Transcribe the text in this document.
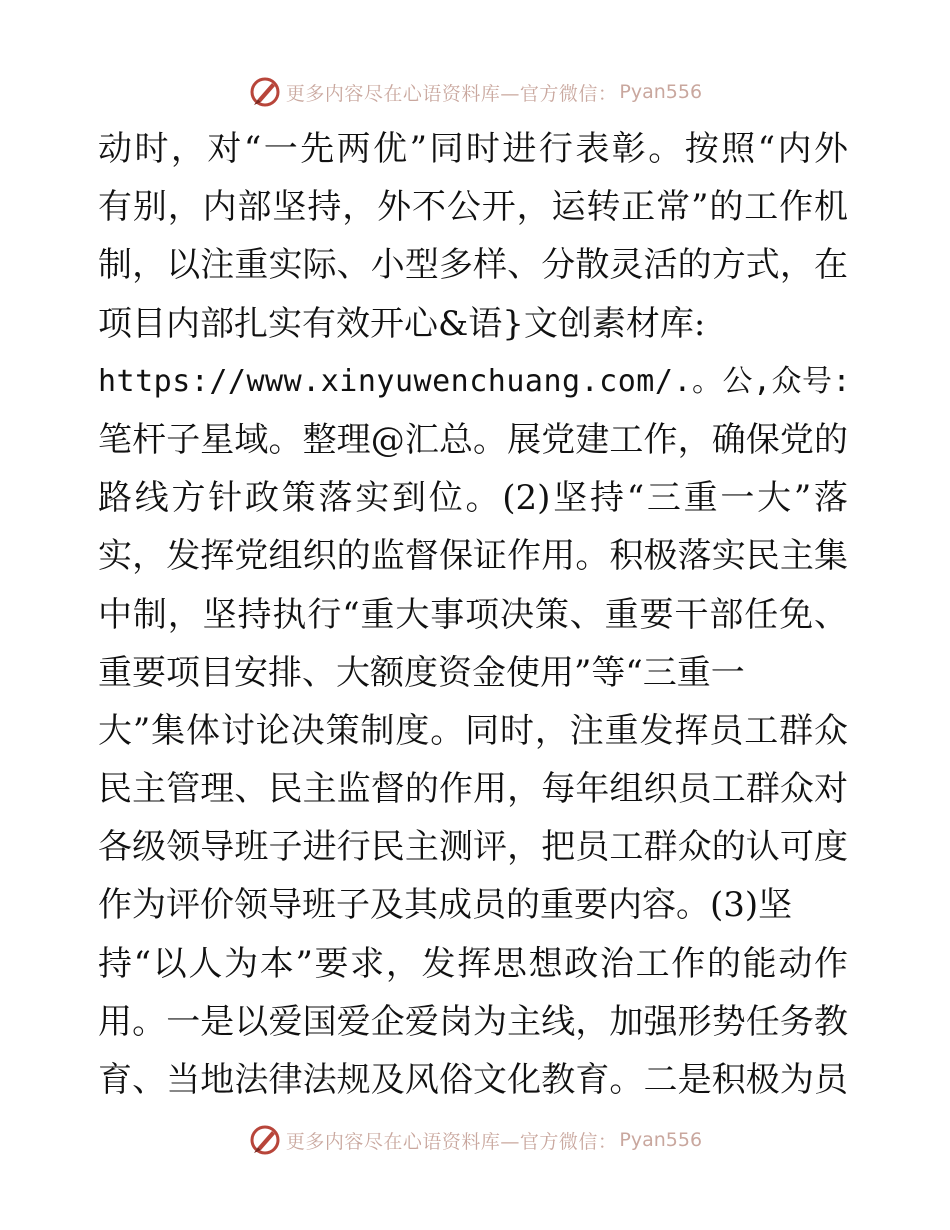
更多内容尽在心语资料库—官方微信： Pyan556
动时，对“一先两优”同时进行表彰。按照“内外
有别，内部坚持，外不公开，运转正常”的工作机
制，以注重实际、小型多样、分散灵活的方式，在
项目内部扎实有效开心&语}文创素材库:
https://www.xinyuwenchuang.com/.。公,众号:
笔杆子星域。整理@汇总。展党建工作，确保党的
路线方针政策落实到位。(2)坚持“三重一大”落
实，发挥党组织的监督保证作用。积极落实民主集
中制，坚持执行“重大事项决策、重要干部任免、
重要项目安排、大额度资金使用”等“三重一
大”集体讨论决策制度。同时，注重发挥员工群众
民主管理、民主监督的作用，每年组织员工群众对
各级领导班子进行民主测评，把员工群众的认可度
作为评价领导班子及其成员的重要内容。(3)坚
持“以人为本”要求，发挥思想政治工作的能动作
用。一是以爱国爱企爱岗为主线，加强形势任务教
育、当地法律法规及风俗文化教育。二是积极为员
更多内容尽在心语资料库—官方微信： Pyan556
